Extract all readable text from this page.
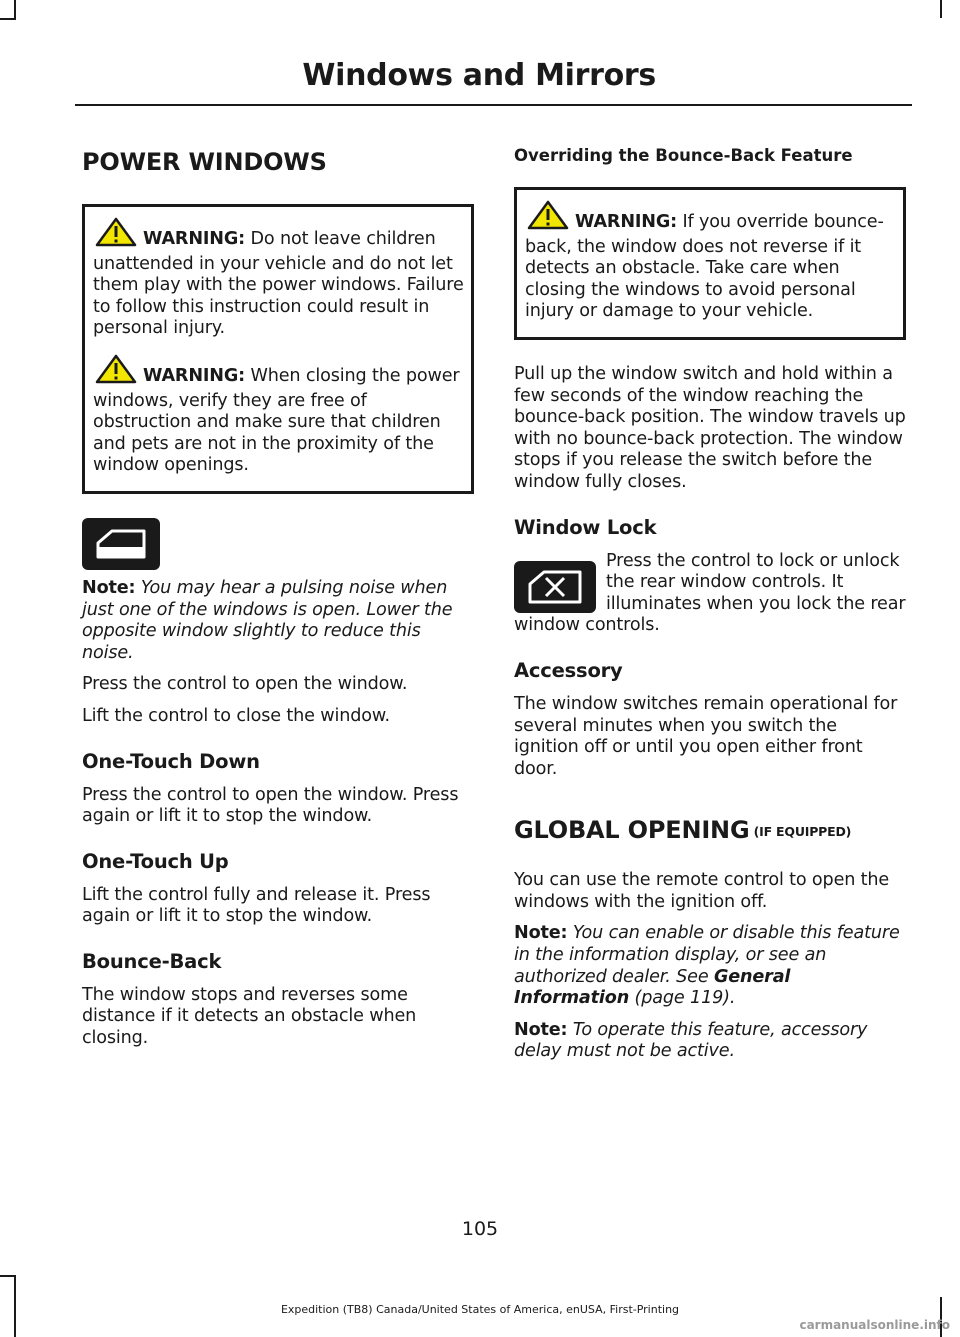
Windows and Mirrors
POWER WINDOWS

WARNING: Do not leave children unattended in your vehicle and do not let them play with the power windows. Failure to follow this instruction could result in personal injury.

WARNING: When closing the power windows, verify they are free of obstruction and make sure that children and pets are not in the proximity of the window openings.

Note: You may hear a pulsing noise when just one of the windows is open. Lower the opposite window slightly to reduce this noise.

Press the control to open the window.

Lift the control to close the window.

One-Touch Down

Press the control to open the window. Press again or lift it to stop the window.

One-Touch Up

Lift the control fully and release it. Press again or lift it to stop the window.

Bounce-Back

The window stops and reverses some distance if it detects an obstacle when closing.

Overriding the Bounce-Back Feature

WARNING: If you override bounce-back, the window does not reverse if it detects an obstacle. Take care when closing the windows to avoid personal injury or damage to your vehicle.

Pull up the window switch and hold within a few seconds of the window reaching the bounce-back position. The window travels up with no bounce-back protection. The window stops if you release the switch before the window fully closes.

Window Lock

Press the control to lock or unlock the rear window controls. It illuminates when you lock the rear window controls.

Accessory

The window switches remain operational for several minutes when you switch the ignition off or until you open either front door.

GLOBAL OPENING (IF EQUIPPED)

You can use the remote control to open the windows with the ignition off.

Note: You can enable or disable this feature in the information display, or see an authorized dealer. See General Information (page 119).

Note: To operate this feature, accessory delay must not be active.

105
Expedition (TB8) Canada/United States of America, enUSA, First-Printing
carmanualsonline.info
